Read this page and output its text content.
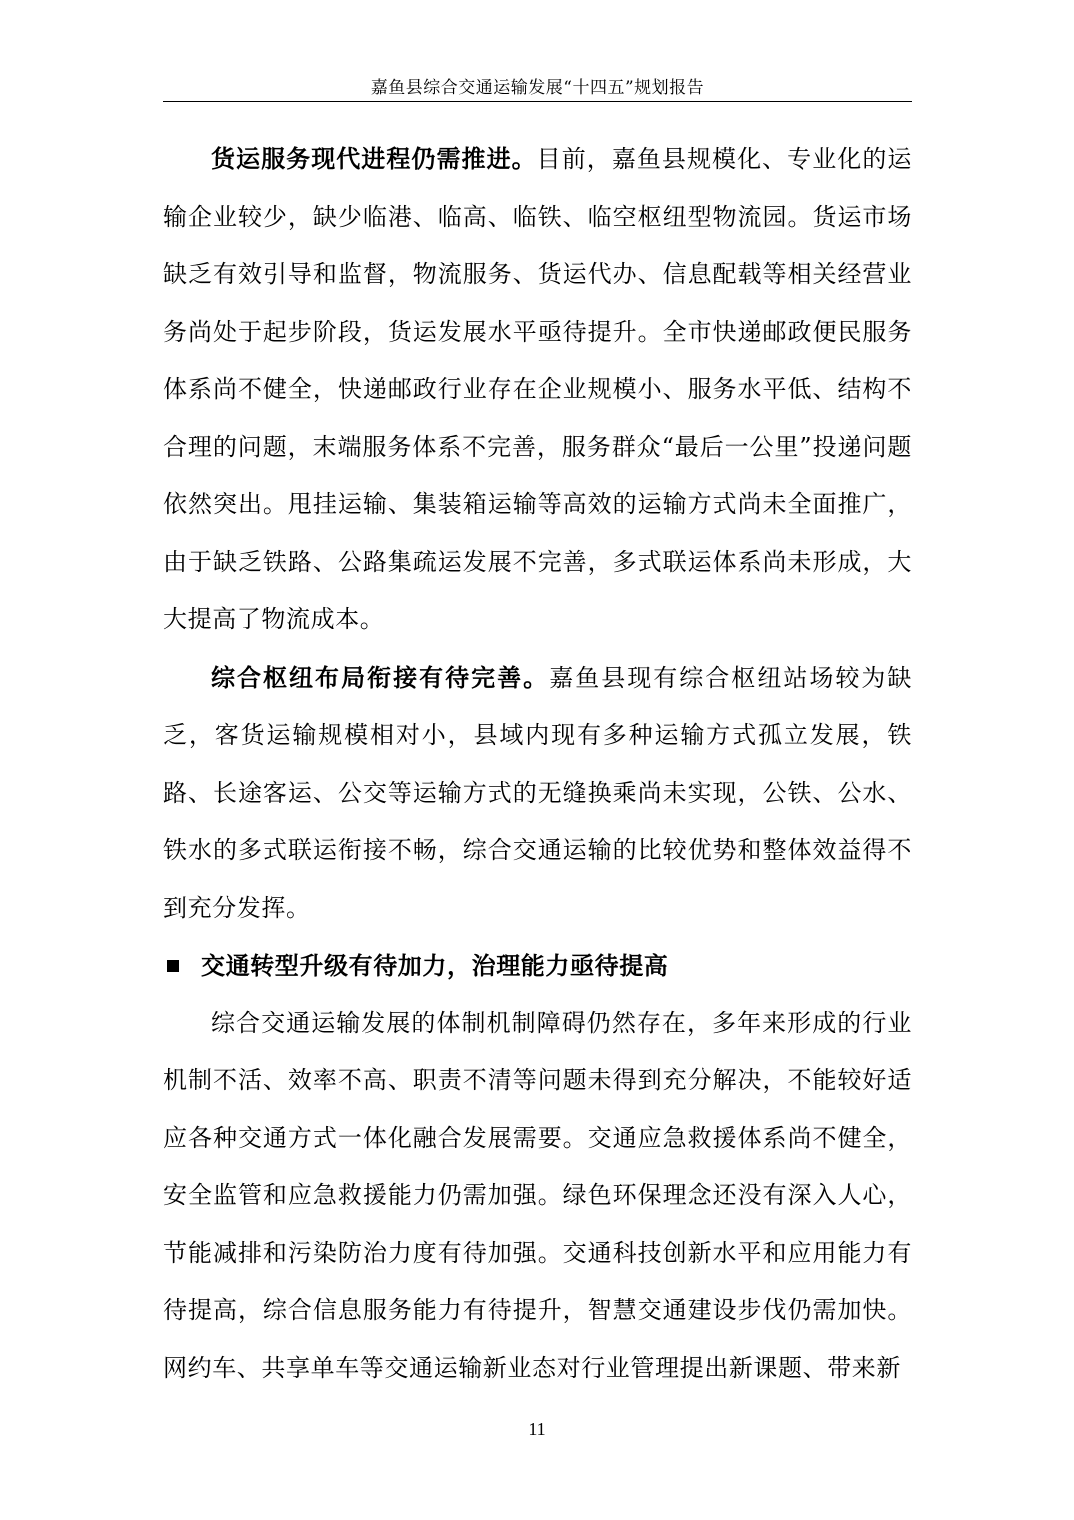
嘉鱼县综合交通运输发展“十四五”规划报告

货运服务现代进程仍需推进。目前，嘉鱼县规模化、专业化的运输企业较少，缺少临港、临高、临铁、临空枢纽型物流园。货运市场缺乏有效引导和监督，物流服务、货运代办、信息配载等相关经营业务尚处于起步阶段，货运发展水平亟待提升。全市快递邮政便民服务体系尚不健全，快递邮政行业存在企业规模小、服务水平低、结构不合理的问题，末端服务体系不完善，服务群众“最后一公里”投递问题依然突出。甩挂运输、集装箱运输等高效的运输方式尚未全面推广，由于缺乏铁路、公路集疏运发展不完善，多式联运体系尚未形成，大大提高了物流成本。

综合枢纽布局衔接有待完善。嘉鱼县现有综合枢纽站场较为缺乏，客货运输规模相对小，县域内现有多种运输方式孤立发展，铁路、长途客运、公交等运输方式的无缝换乘尚未实现，公铁、公水、铁水的多式联运衔接不畅，综合交通运输的比较优势和整体效益得不到充分发挥。

交通转型升级有待加力，治理能力亟待提高

综合交通运输发展的体制机制障碍仍然存在，多年来形成的行业机制不活、效率不高、职责不清等问题未得到充分解决，不能较好适应各种交通方式一体化融合发展需要。交通应急救援体系尚不健全，安全监管和应急救援能力仍需加强。绿色环保理念还没有深入人心，节能减排和污染防治力度有待加强。交通科技创新水平和应用能力有待提高，综合信息服务能力有待提升，智慧交通建设步伐仍需加快。网约车、共享单车等交通运输新业态对行业管理提出新课题、带来新

11
